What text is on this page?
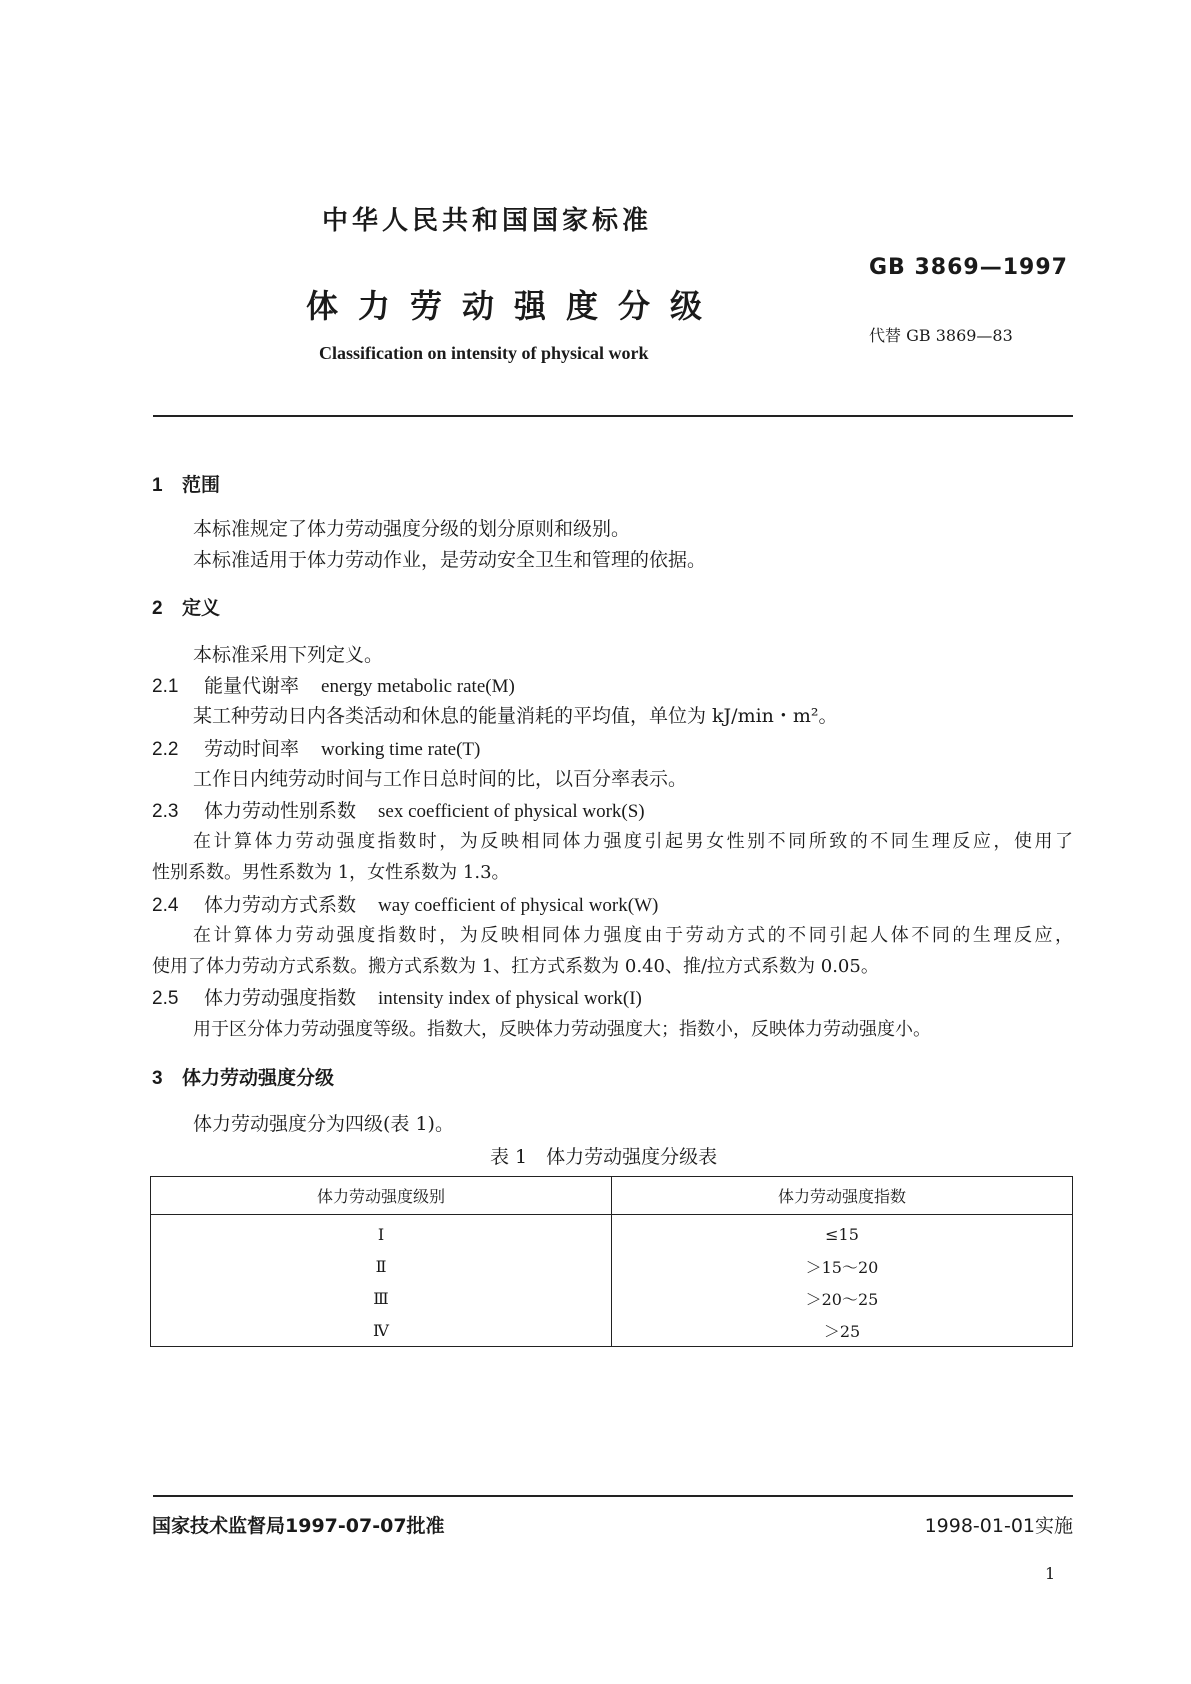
中华人民共和国国家标准
GB 3869—1997
体力劳动强度分级
代替 GB 3869—83
Classification on intensity of physical work
1 范围
本标准规定了体力劳动强度分级的划分原则和级别。
本标准适用于体力劳动作业，是劳动安全卫生和管理的依据。
2 定义
本标准采用下列定义。
2.1 能量代谢率 energy metabolic rate(M)
某工种劳动日内各类活动和休息的能量消耗的平均值，单位为 kJ/min・m²。
2.2 劳动时间率 working time rate(T)
工作日内纯劳动时间与工作日总时间的比，以百分率表示。
2.3 体力劳动性别系数 sex coefficient of physical work(S)
在计算体力劳动强度指数时，为反映相同体力强度引起男女性别不同所致的不同生理反应，使用了
性别系数。男性系数为 1，女性系数为 1.3。
2.4 体力劳动方式系数 way coefficient of physical work(W)
在计算体力劳动强度指数时，为反映相同体力强度由于劳动方式的不同引起人体不同的生理反应，
使用了体力劳动方式系数。搬方式系数为 1、扛方式系数为 0.40、推/拉方式系数为 0.05。
2.5 体力劳动强度指数 intensity index of physical work(I)
用于区分体力劳动强度等级。指数大，反映体力劳动强度大；指数小，反映体力劳动强度小。
3 体力劳动强度分级
体力劳动强度分为四级(表 1)。
表 1　体力劳动强度分级表
体力劳动强度级别	体力劳动强度指数
Ⅰ	≤15
Ⅱ	＞15～20
Ⅲ	＞20～25
Ⅳ	＞25
国家技术监督局1997-07-07批准	1998-01-01实施
1
